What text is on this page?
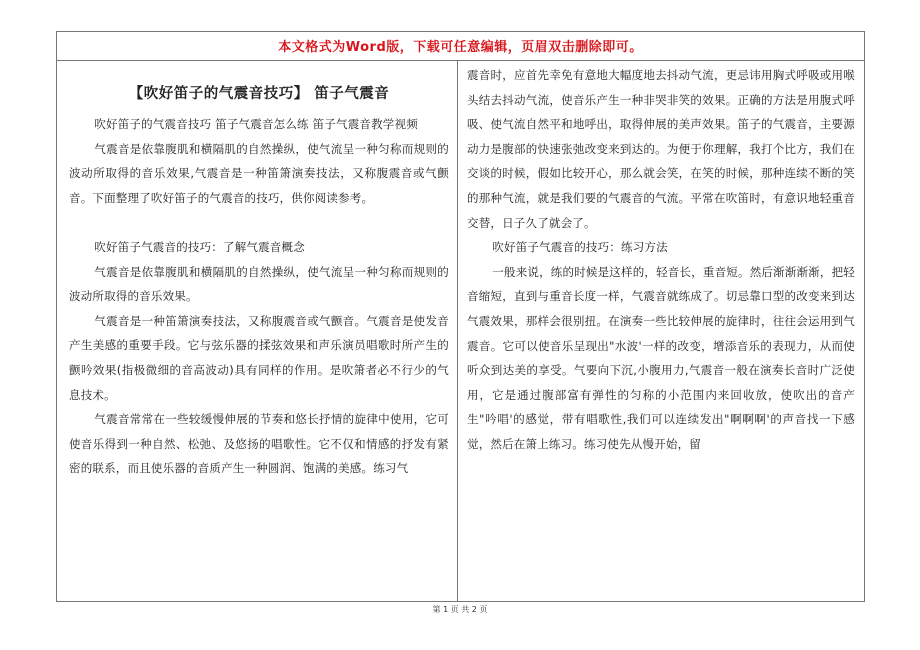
本文格式为Word版，下载可任意编辑，页眉双击删除即可。

【吹好笛子的气震音技巧】 笛子气震音

吹好笛子的气震音技巧 笛子气震音怎么练 笛子气震音教学视频

气震音是依靠腹肌和横隔肌的自然操纵，使气流呈一种匀称而规则的波动所取得的音乐效果,气震音是一种笛箫演奏技法，又称腹震音或气颤音。下面整理了吹好笛子的气震音的技巧，供你阅读参考。

吹好笛子气震音的技巧：了解气震音概念

气震音是依靠腹肌和横隔肌的自然操纵，使气流呈一种匀称而规则的波动所取得的音乐效果。

气震音是一种笛箫演奏技法，又称腹震音或气颤音。气震音是使发音产生美感的重要手段。它与弦乐器的揉弦效果和声乐演员唱歌时所产生的颤吟效果(指极微细的音高波动)具有同样的作用。是吹箫者必不行少的气息技术。

气震音常常在一些较缓慢伸展的节奏和悠长抒情的旋律中使用，它可使音乐得到一种自然、松弛、及悠扬的唱歌性。它不仅和情感的抒发有紧密的联系，而且使乐器的音质产生一种圆润、饱满的美感。练习气

震音时，应首先幸免有意地大幅度地去抖动气流，更忌讳用胸式呼吸或用喉头结去抖动气流，使音乐产生一种非哭非笑的效果。正确的方法是用腹式呼吸、使气流自然平和地呼出，取得伸展的美声效果。笛子的气震音，主要源动力是腹部的快速张弛改变来到达的。为便于你理解，我打个比方，我们在交谈的时候，假如比较开心，那么就会笑，在笑的时候，那种连续不断的笑的那种气流，就是我们要的气震音的气流。平常在吹笛时，有意识地轻重音交替，日子久了就会了。

吹好笛子气震音的技巧：练习方法

一般来说，练的时候是这样的，轻音长，重音短。然后渐渐渐渐，把轻音缩短，直到与重音长度一样，气震音就练成了。切忌靠口型的改变来到达气震效果，那样会很别扭。在演奏一些比较伸展的旋律时，往往会运用到气震音。它可以使音乐呈现出"水波'一样的改变，增添音乐的表现力，从而使听众到达美的享受。气要向下沉,小腹用力,气震音一般在演奏长音时广泛使用，它是通过腹部富有弹性的匀称的小范围内来回收放，使吹出的音产生"吟唱'的感觉，带有唱歌性,我们可以连续发出"啊啊啊'的声音找一下感觉，然后在箫上练习。练习使先从慢开始，留

第 1 页 共 2 页
